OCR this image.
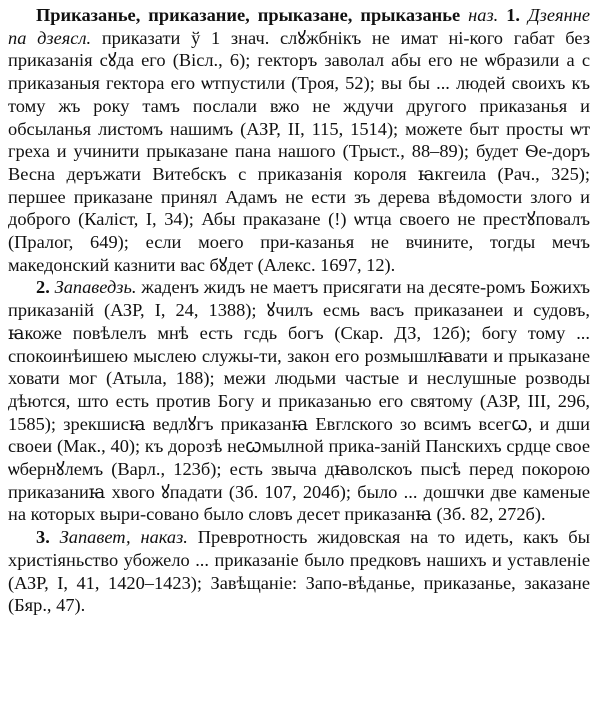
Приказанье, приказание, прыказане, прыказанье наз. 1. Дзеянне па дзеясл. приказати ў 1 знач. слꙋжбнікъ не имат ні-кого габат без приказанія сꙋда его (Вісл., 6); гекторъ заволал абы его не ѡбразили а с приказаныя гектора его ѡтпустили (Троя, 52); вы бы ... людей своихъ къ тому жъ року тамъ послали вжо не ждучи другого приказанья и обсыланья листомъ нашимъ (АЗР, II, 115, 1514); можете быт просты ѡт греха и учинити прыказане пана нашого (Трыст., 88–89); будет Ѳе-доръ Весна деръжати Витебскъ с приказанія короля ꙗкгеила (Рач., 325); першее приказане принял Адамъ не ести зъ дерева вѣдомости злого и доброго (Каліст, I, 34); Абы праказане (!) ѡтца своего не престꙋповалъ (Пралог, 649); если моего при-казанья не вчините, тогды мечъ македонский казнити вас бꙋдет (Алекс. 1697, 12).

2. Запаведзь. жаденъ жидъ не маетъ присягати на десяте-ромъ Божихъ приказаній (АЗР, I, 24, 1388); ꙋчилъ есмь васъ приказанеи и судовъ, ꙗкоже повѣлелъ мнѣ есть гсдь богъ (Скар. ДЗ, 12б); богу тому ... спокоинѣишею мыслею служы-ти, закон его розмышлꙗвати и прыказане ховати мог (Атыла, 188); межи людьми частые и неслушные розводы дѣются, што есть против Богу и приказанью его святому (АЗР, III, 296, 1585); зрекшисꙗ ведлꙋгъ приказанꙗ Евглского зо всимъ всегꙍ, и дши своеи (Мак., 40); къ дорозѣ неꙍмылной прика-заній Панскихъ срдце свое ѡбернꙋлемъ (Варл., 123б); есть звыча дꙗволскоъ пысѣ перед покорою приказаниꙗ хвого ꙋпадати (Зб. 107, 204б); было ... дошчки две каменые на которых выри-совано было словъ десет приказанꙗ (Зб. 82, 272б).

3. Запавет, наказ. Превротность жидовская на то идеть, какъ бы христіяньство убожело ... приказаніе было предковъ нашихъ и уставленіе (АЗР, I, 41, 1420–1423); Завѣщаніе: Запо-вѣданье, приказанье, заказане (Бяр., 47).
